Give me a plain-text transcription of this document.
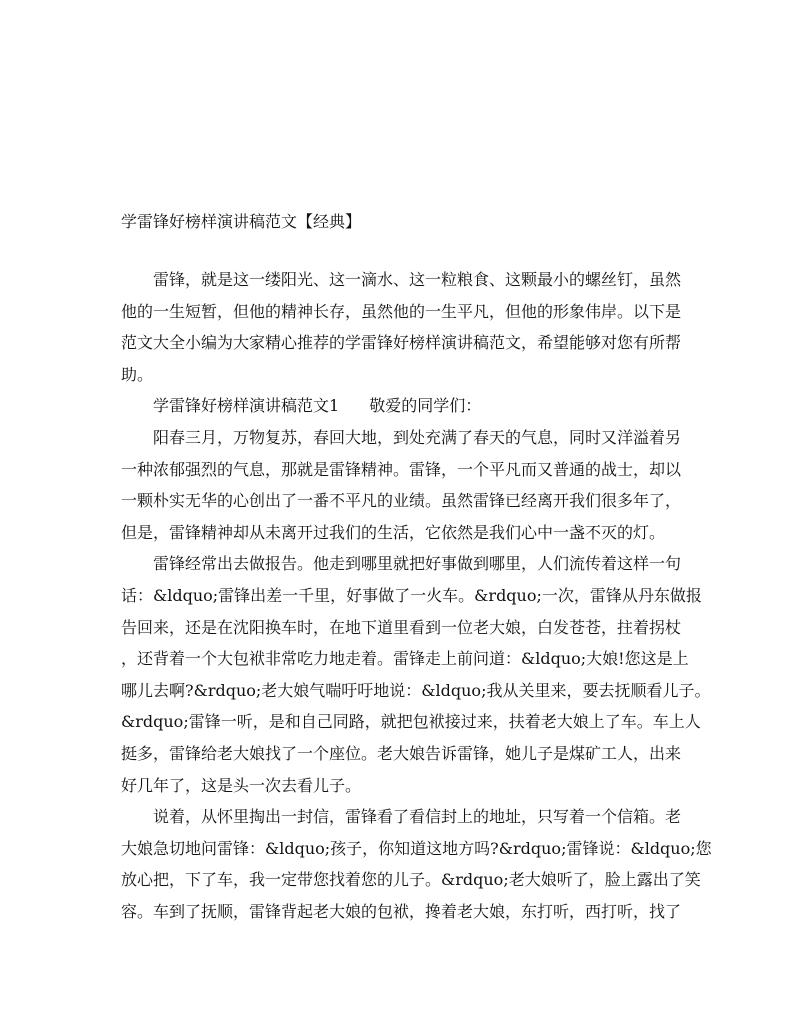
学雷锋好榜样演讲稿范文【经典】
雷锋，就是这一缕阳光、这一滴水、这一粒粮食、这颗最小的螺丝钉，虽然
他的一生短暂，但他的精神长存，虽然他的一生平凡，但他的形象伟岸。以下是
范文大全小编为大家精心推荐的学雷锋好榜样演讲稿范文，希望能够对您有所帮
助。
学雷锋好榜样演讲稿范文1 敬爱的同学们：
阳春三月，万物复苏，春回大地，到处充满了春天的气息，同时又洋溢着另
一种浓郁强烈的气息，那就是雷锋精神。雷锋，一个平凡而又普通的战士，却以
一颗朴实无华的心创出了一番不平凡的业绩。虽然雷锋已经离开我们很多年了，
但是，雷锋精神却从未离开过我们的生活，它依然是我们心中一盏不灭的灯。
雷锋经常出去做报告。他走到哪里就把好事做到哪里，人们流传着这样一句
话：&ldquo;雷锋出差一千里，好事做了一火车。&rdquo;一次，雷锋从丹东做报
告回来，还是在沈阳换车时，在地下道里看到一位老大娘，白发苍苍，拄着拐杖
，还背着一个大包袱非常吃力地走着。雷锋走上前问道：&ldquo;大娘!您这是上
哪儿去啊?&rdquo;老大娘气喘吁吁地说：&ldquo;我从关里来，要去抚顺看儿子。
&rdquo;雷锋一听，是和自己同路，就把包袱接过来，扶着老大娘上了车。车上人
挺多，雷锋给老大娘找了一个座位。老大娘告诉雷锋，她儿子是煤矿工人，出来
好几年了，这是头一次去看儿子。
说着，从怀里掏出一封信，雷锋看了看信封上的地址，只写着一个信箱。老
大娘急切地问雷锋：&ldquo;孩子，你知道这地方吗?&rdquo;雷锋说：&ldquo;您
放心把，下了车，我一定带您找着您的儿子。&rdquo;老大娘听了，脸上露出了笑
容。车到了抚顺，雷锋背起老大娘的包袱，搀着老大娘，东打听，西打听，找了
